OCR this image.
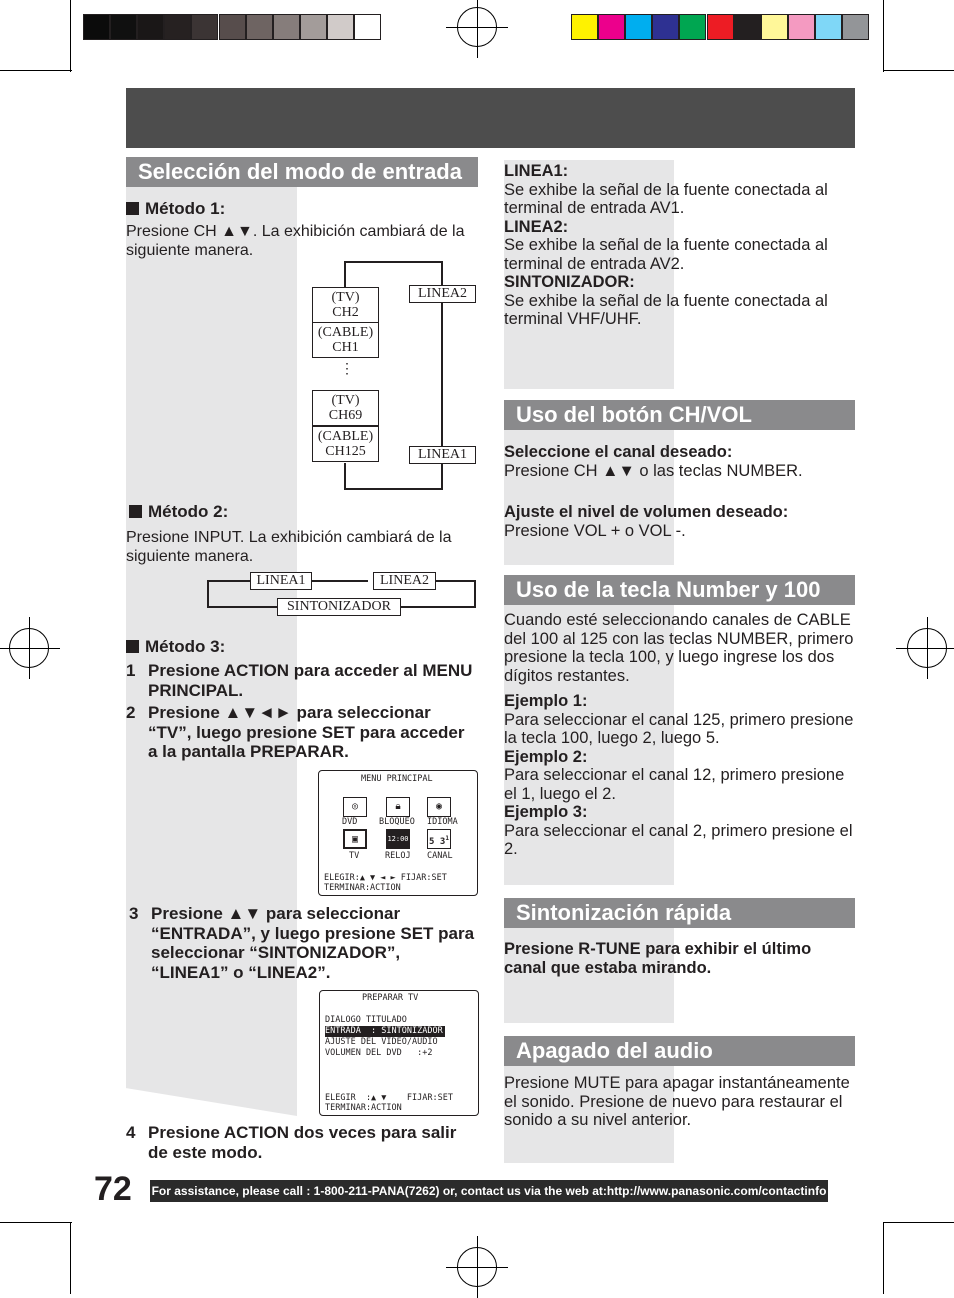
Selección del modo de entrada
Método 1:
Presione CH ▲▼. La exhibición cambiará de la siguiente manera.
(TV)
CH2
(CABLE)
CH1
⋮
(TV)
CH69
(CABLE)
CH125
LINEA2
LINEA1
Método 2:
Presione INPUT. La exhibición cambiará de la siguiente manera.
LINEA1	LINEA2
SINTONIZADOR
Método 3:
1 Presione ACTION para acceder al MENU PRINCIPAL.
2 Presione ▲▼◄► para seleccionar “TV”, luego presione SET para acceder a la pantalla PREPARAR.
MENU PRINCIPAL
◎	🔒︎	◉
DVD	BLOQUEO IDIOMA
▣	12:00 5 $3^1$
TV	RELOJ CANAL
ELEGIR:▲ ▼ ◄ ► FIJAR:SET
TERMINAR:ACTION
3 Presione ▲▼ para seleccionar “ENTRADA”, y luego presione SET para seleccionar “SINTONIZADOR”, “LINEA1” o “LINEA2”.
PREPARAR TV
DIALOGO TITULADO
ENTRADA  : SINTONIZADOR
AJUSTE DEL VIDEO/AUDIO
VOLUMEN DEL DVD   :+2
ELEGIR  :▲ ▼    FIJAR:SET
TERMINAR:ACTION
4 Presione ACTION dos veces para salir de este modo.
LINEA1:
Se exhibe la señal de la fuente conectada al terminal de entrada AV1.
LINEA2:
Se exhibe la señal de la fuente conectada al terminal de entrada AV2.
SINTONIZADOR:
Se exhibe la señal de la fuente conectada al terminal VHF/UHF.
Uso del botón CH/VOL
Seleccione el canal deseado:
Presione CH ▲▼ o las teclas NUMBER.
Ajuste el nivel de volumen deseado:
Presione VOL + o VOL -.
Uso de la tecla Number y 100
Cuando esté seleccionando canales de CABLE del 100 al 125 con las teclas NUMBER, primero presione la tecla 100, y luego ingrese los dos dígitos restantes.
Ejemplo 1:
Para seleccionar el canal 125, primero presione la tecla 100, luego 2, luego 5.
Ejemplo 2:
Para seleccionar el canal 12, primero presione el 1, luego el 2.
Ejemplo 3:
Para seleccionar el canal 2, primero presione el 2.
Sintonización rápida
Presione R-TUNE para exhibir el último canal que estaba mirando.
Apagado del audio
Presione MUTE para apagar instantáneamente el sonido. Presione de nuevo para restaurar el sonido a su nivel anterior.
72 For assistance, please call : 1-800-211-PANA(7262) or, contact us via the web at:http://www.panasonic.com/contactinfo
